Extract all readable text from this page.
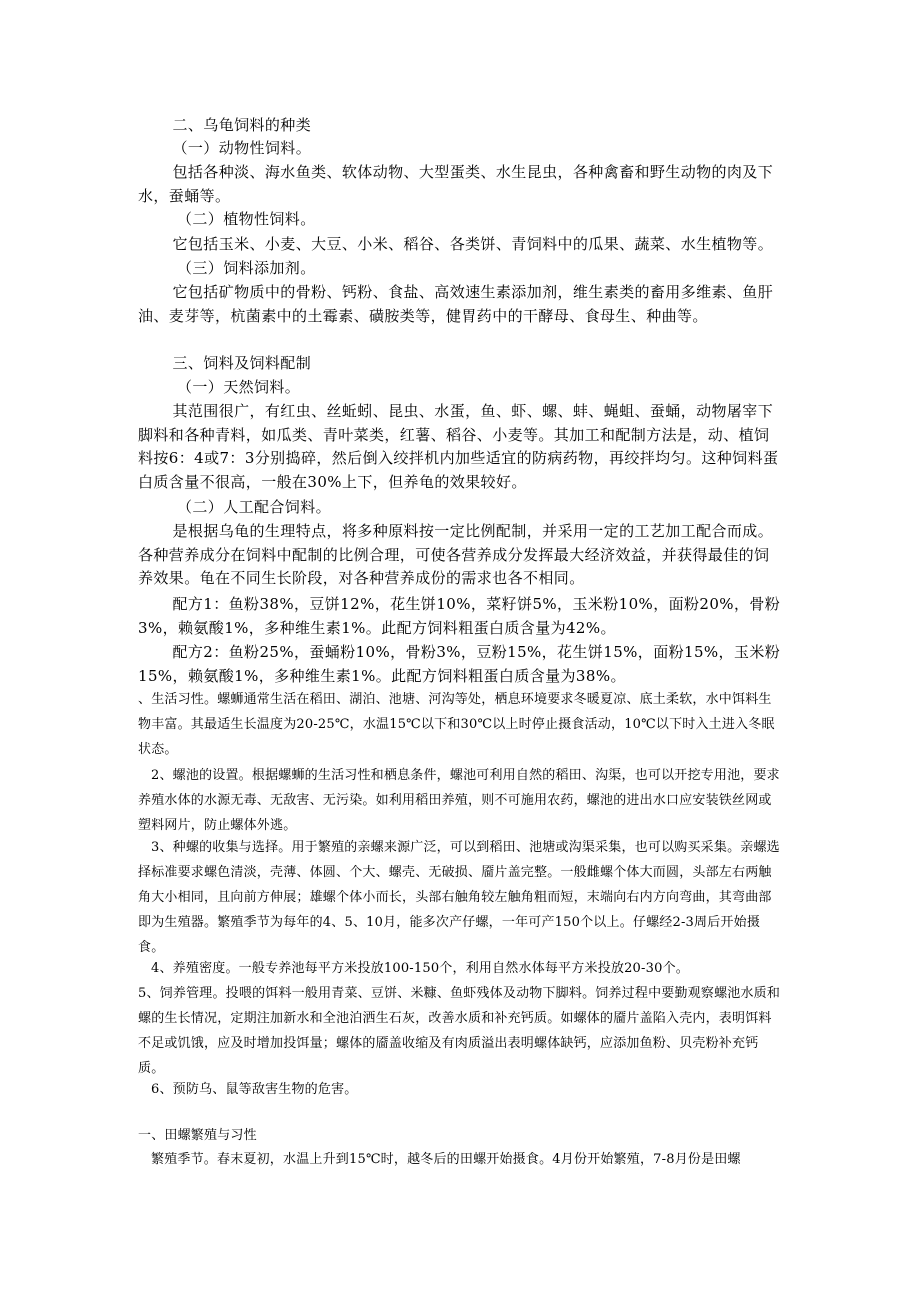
二、乌龟饲料的种类

（一）动物性饲料。

包括各种淡、海水鱼类、软体动物、大型蛋类、水生昆虫，各种禽畜和野生动物的肉及下水，蚕蛹等。

（二）植物性饲料。

它包括玉米、小麦、大豆、小米、稻谷、各类饼、青饲料中的瓜果、蔬菜、水生植物等。

（三）饲料添加剂。

它包括矿物质中的骨粉、钙粉、食盐、高效速生素添加剂，维生素类的畜用多维素、鱼肝油、麦芽等，杭菌素中的土霉素、磺胺类等，健胃药中的干酵母、食母生、种曲等。

三、饲料及饲料配制

（一）天然饲料。

其范围很广，有红虫、丝蚯蚓、昆虫、水蛋，鱼、虾、螺、蚌、蝇蛆、蚕蛹，动物屠宰下脚料和各种青料，如瓜类、青叶菜类，红薯、稻谷、小麦等。其加工和配制方法是，动、植饲料按6：4或7：3分别捣碎，然后倒入绞拌机内加些适宜的防病药物，再绞拌均匀。这种饲料蛋白质含量不很高，一般在30%上下，但养龟的效果较好。

（二）人工配合饲料。

是根据乌龟的生理特点，将多种原料按一定比例配制，并采用一定的工艺加工配合而成。各种营养成分在饲料中配制的比例合理，可使各营养成分发挥最大经济效益，并获得最佳的饲养效果。龟在不同生长阶段，对各种营养成份的需求也各不相同。

配方1：鱼粉38%，豆饼12%，花生饼10%，菜籽饼5%，玉米粉10%，面粉20%，骨粉3%，赖氨酸1%，多种维生素1%。此配方饲料粗蛋白质含量为42%。

配方2：鱼粉25%，蚕蛹粉10%，骨粉3%，豆粉15%，花生饼15%，面粉15%，玉米粉15%，赖氨酸1%，多种维生素1%。此配方饲料粗蛋白质含量为38%。

、生活习性。螺蛳通常生活在稻田、湖泊、池塘、河沟等处，栖息环境要求冬暖夏凉、底土柔软，水中饵料生物丰富。其最适生长温度为20-25℃，水温15℃以下和30℃以上时停止摄食活动，10℃以下时入土进入冬眠状态。

2、螺池的设置。根据螺蛳的生活习性和栖息条件，螺池可利用自然的稻田、沟渠，也可以开挖专用池，要求养殖水体的水源无毒、无敌害、无污染。如利用稻田养殖，则不可施用农药，螺池的进出水口应安装铁丝网或塑料网片，防止螺体外逃。

3、种螺的收集与选择。用于繁殖的亲螺来源广泛，可以到稻田、池塘或沟渠采集，也可以购买采集。亲螺选择标准要求螺色清淡，壳薄、体圆、个大、螺壳、无破损、靥片盖完整。一般雌螺个体大而圆，头部左右两触角大小相同，且向前方伸展；雄螺个体小而长，头部右触角较左触角粗而短，末端向右内方向弯曲，其弯曲部即为生殖器。繁殖季节为每年的4、5、10月，能多次产仔螺，一年可产150个以上。仔螺经2-3周后开始摄食。

4、养殖密度。一般专养池每平方米投放100-150个，利用自然水体每平方米投放20-30个。

5、饲养管理。投喂的饵料一般用青菜、豆饼、米糠、鱼虾残体及动物下脚料。饲养过程中要勤观察螺池水质和螺的生长情况，定期注加新水和全池泊洒生石灰，改善水质和补充钙质。如螺体的靥片盖陷入壳内，表明饵料不足或饥饿，应及时增加投饵量；螺体的靥盖收缩及有肉质溢出表明螺体缺钙，应添加鱼粉、贝壳粉补充钙质。

6、预防乌、鼠等敌害生物的危害。

一、田螺繁殖与习性

繁殖季节。春末夏初，水温上升到15℃时，越冬后的田螺开始摄食。4月份开始繁殖，7-8月份是田螺
